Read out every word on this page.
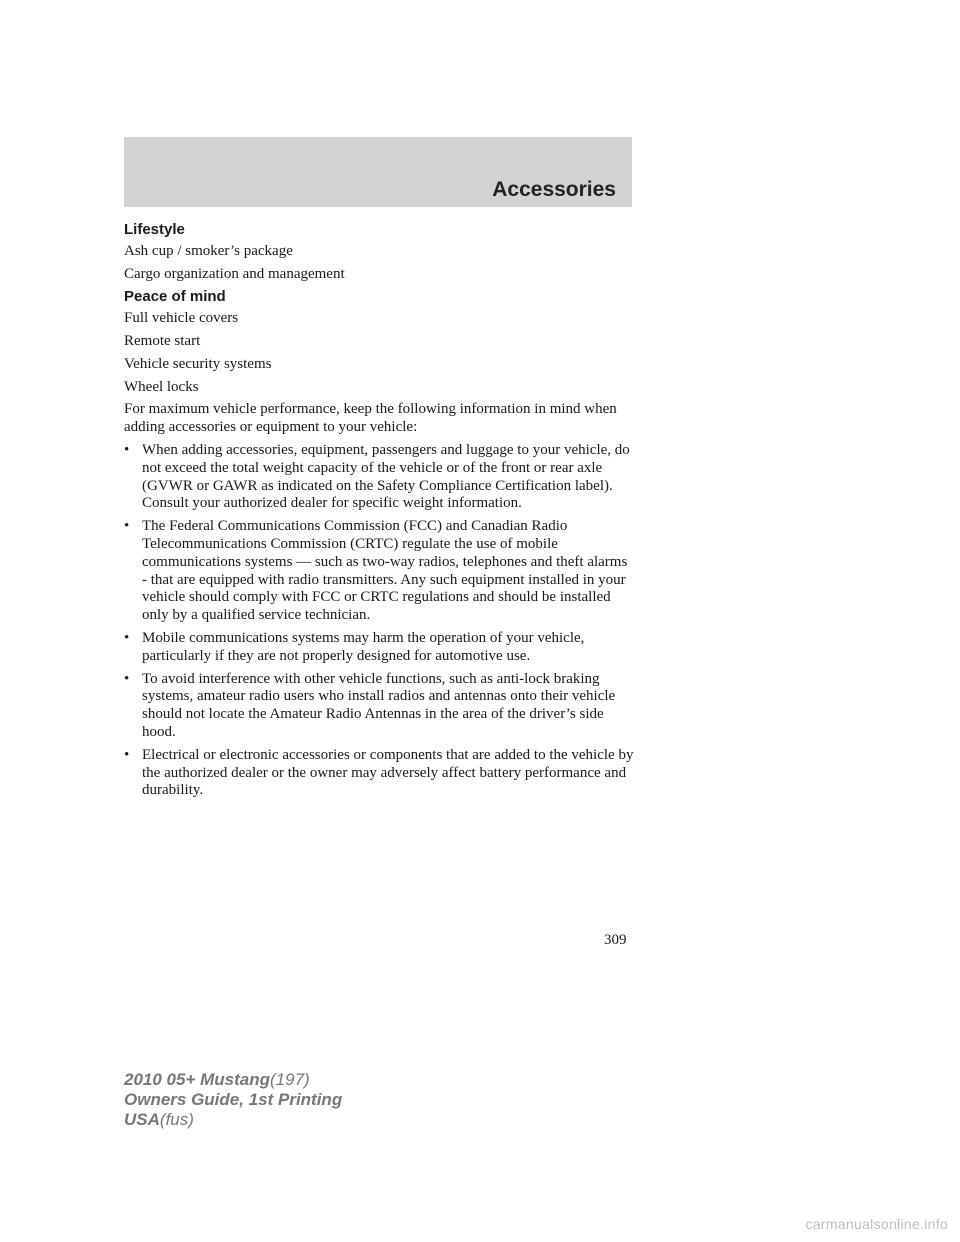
Accessories
Lifestyle
Ash cup / smoker’s package
Cargo organization and management
Peace of mind
Full vehicle covers
Remote start
Vehicle security systems
Wheel locks

For maximum vehicle performance, keep the following information in mind when adding accessories or equipment to your vehicle:

• When adding accessories, equipment, passengers and luggage to your vehicle, do not exceed the total weight capacity of the vehicle or of the front or rear axle (GVWR or GAWR as indicated on the Safety Compliance Certification label). Consult your authorized dealer for specific weight information.
• The Federal Communications Commission (FCC) and Canadian Radio Telecommunications Commission (CRTC) regulate the use of mobile communications systems — such as two-way radios, telephones and theft alarms - that are equipped with radio transmitters. Any such equipment installed in your vehicle should comply with FCC or CRTC regulations and should be installed only by a qualified service technician.
• Mobile communications systems may harm the operation of your vehicle, particularly if they are not properly designed for automotive use.
• To avoid interference with other vehicle functions, such as anti-lock braking systems, amateur radio users who install radios and antennas onto their vehicle should not locate the Amateur Radio Antennas in the area of the driver’s side hood.
• Electrical or electronic accessories or components that are added to the vehicle by the authorized dealer or the owner may adversely affect battery performance and durability.
309
2010 05+ Mustang(197)
Owners Guide, 1st Printing
USA(fus)
carmanualsonline.info
